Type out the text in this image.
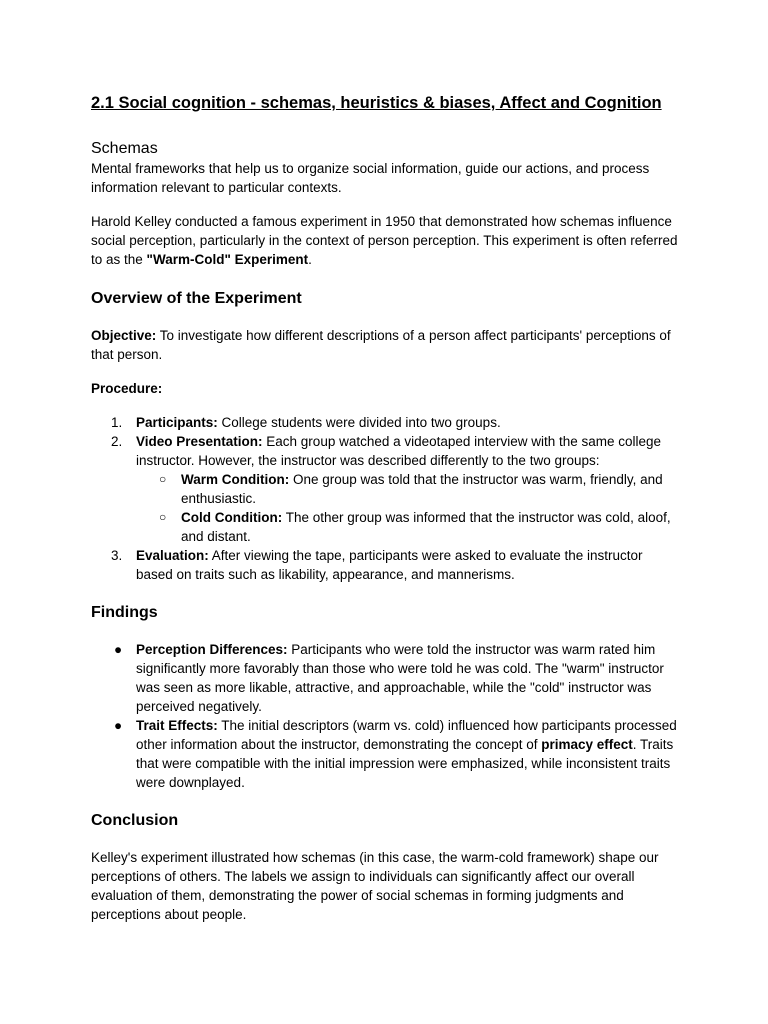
2.1 Social cognition - schemas, heuristics & biases, Affect and Cognition
Schemas

Mental frameworks that help us to organize social information, guide our actions, and process information relevant to particular contexts.

Harold Kelley conducted a famous experiment in 1950 that demonstrated how schemas influence social perception, particularly in the context of person perception. This experiment is often referred to as the "Warm-Cold" Experiment.

Overview of the Experiment

Objective: To investigate how different descriptions of a person affect participants' perceptions of that person.

Procedure:

1. Participants: College students were divided into two groups.
2. Video Presentation: Each group watched a videotaped interview with the same college instructor. However, the instructor was described differently to the two groups:
○ Warm Condition: One group was told that the instructor was warm, friendly, and enthusiastic.
○ Cold Condition: The other group was informed that the instructor was cold, aloof, and distant.
3. Evaluation: After viewing the tape, participants were asked to evaluate the instructor based on traits such as likability, appearance, and mannerisms.
Findings
● Perception Differences: Participants who were told the instructor was warm rated him significantly more favorably than those who were told he was cold. The "warm" instructor was seen as more likable, attractive, and approachable, while the "cold" instructor was perceived negatively.
● Trait Effects: The initial descriptors (warm vs. cold) influenced how participants processed other information about the instructor, demonstrating the concept of primacy effect. Traits that were compatible with the initial impression were emphasized, while inconsistent traits were downplayed.
Conclusion

Kelley's experiment illustrated how schemas (in this case, the warm-cold framework) shape our perceptions of others. The labels we assign to individuals can significantly affect our overall evaluation of them, demonstrating the power of social schemas in forming judgments and perceptions about people.
